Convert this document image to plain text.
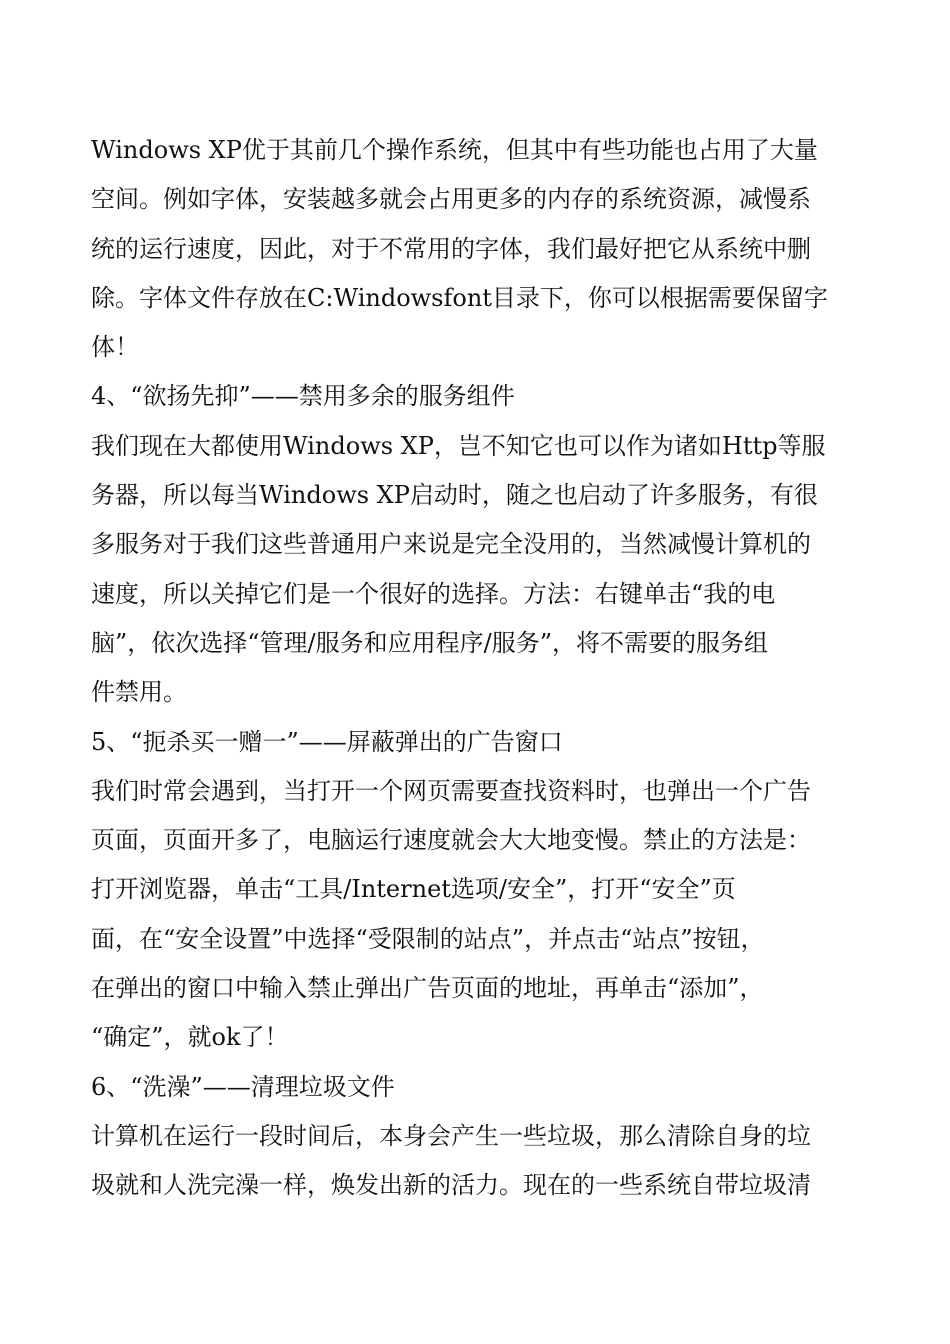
Windows XP优于其前几个操作系统，但其中有些功能也占用了大量
空间。例如字体，安装越多就会占用更多的内存的系统资源，减慢系
统的运行速度，因此，对于不常用的字体，我们最好把它从系统中删
除。字体文件存放在C:Windowsfont目录下，你可以根据需要保留字
体！
4、“欲扬先抑”——禁用多余的服务组件
我们现在大都使用Windows XP，岂不知它也可以作为诸如Http等服
务器，所以每当Windows XP启动时，随之也启动了许多服务，有很
多服务对于我们这些普通用户来说是完全没用的，当然减慢计算机的
速度，所以关掉它们是一个很好的选择。方法：右键单击“我的电
脑”，依次选择“管理/服务和应用程序/服务”，将不需要的服务组
件禁用。
5、“扼杀买一赠一”——屏蔽弹出的广告窗口
我们时常会遇到，当打开一个网页需要查找资料时，也弹出一个广告
页面，页面开多了，电脑运行速度就会大大地变慢。禁止的方法是：
打开浏览器，单击“工具/Internet选项/安全”，打开“安全”页
面，在“安全设置”中选择“受限制的站点”，并点击“站点”按钮，
在弹出的窗口中输入禁止弹出广告页面的地址，再单击“添加”，
“确定”，就ok了！
6、“洗澡”——清理垃圾文件
计算机在运行一段时间后，本身会产生一些垃圾，那么清除自身的垃
圾就和人洗完澡一样，焕发出新的活力。现在的一些系统自带垃圾清
